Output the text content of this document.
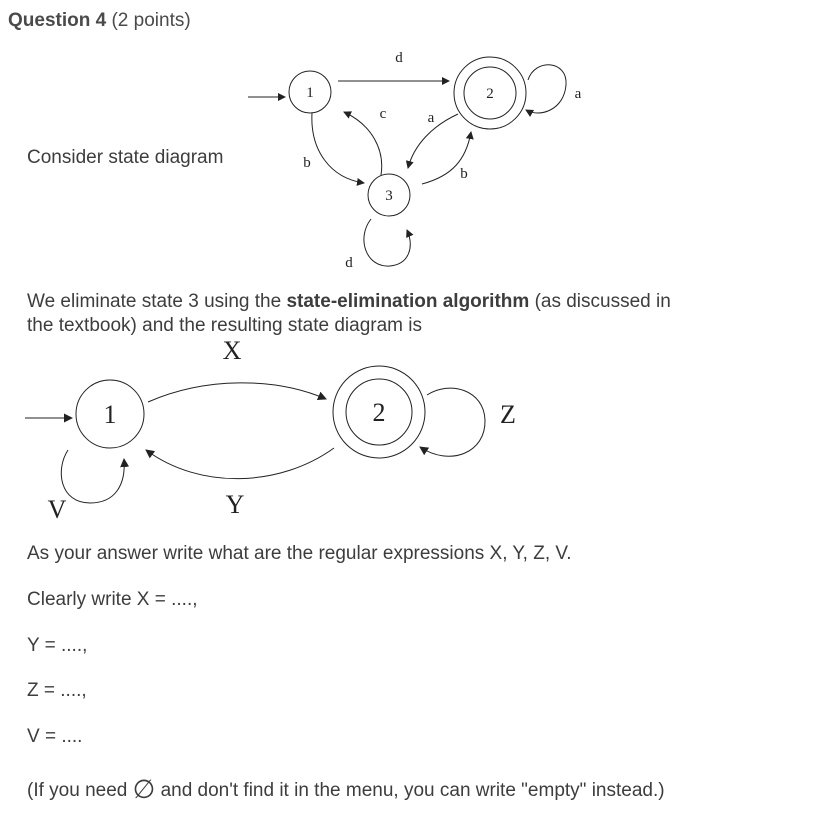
Question 4 (2 points)
Consider state diagram
1	2
3
d
a
c	a
b
b
d
We eliminate state 3 using the state-elimination algorithm (as discussed in
the textbook) and the resulting state diagram is
1	2
X
Y
Z
V
As your answer write what are the regular expressions X, Y, Z, V.
Clearly write X = ....,
Y = ....,
Z = ....,
V = ....
(If you need ∅ and don't find it in the menu, you can write "empty" instead.)
